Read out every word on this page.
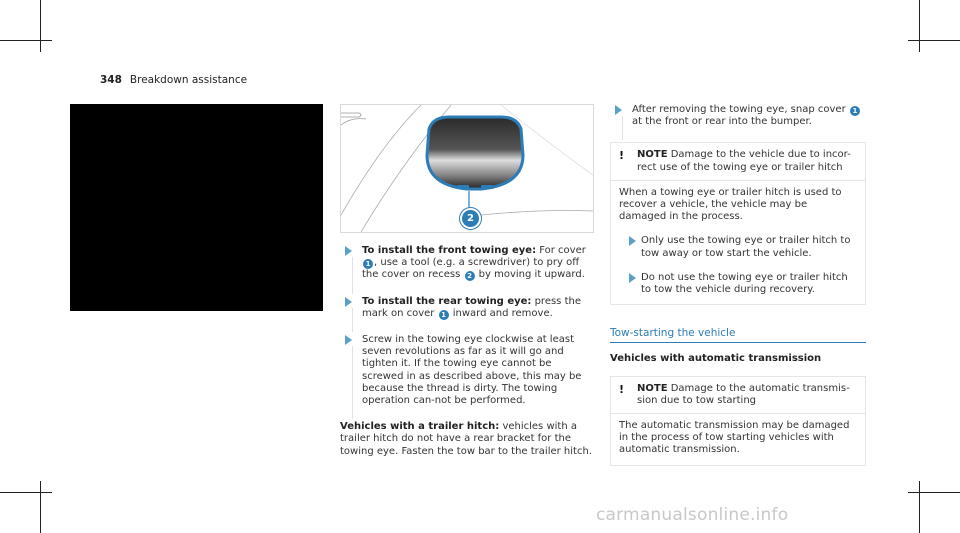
348 Breakdown assistance
2
To install the front towing eye: For cover 1 , use a tool (e.g. a screwdriver) to pry off the cover on recess 2 by moving it upward.
To install the rear towing eye: press the mark on cover 1 inward and remove.
Screw in the towing eye clockwise at least seven revolutions as far as it will go and tighten it. If the towing eye cannot be screwed in as described above, this may be because the thread is dirty. The towing operation can-not be performed.
Vehicles with a trailer hitch: vehicles with a trailer hitch do not have a rear bracket for the towing eye. Fasten the tow bar to the trailer hitch.
After removing the towing eye, snap cover 1 at the front or rear into the bumper.
! NOTE Damage to the vehicle due to incor-rect use of the towing eye or trailer hitch
When a towing eye or trailer hitch is used to recover a vehicle, the vehicle may be damaged in the process.
Only use the towing eye or trailer hitch to tow away or tow start the vehicle.
Do not use the towing eye or trailer hitch to tow the vehicle during recovery.
Tow-starting the vehicle
Vehicles with automatic transmission
! NOTE Damage to the automatic transmis-sion due to tow starting
The automatic transmission may be damaged in the process of tow starting vehicles with automatic transmission.
carmanualsonline.info
